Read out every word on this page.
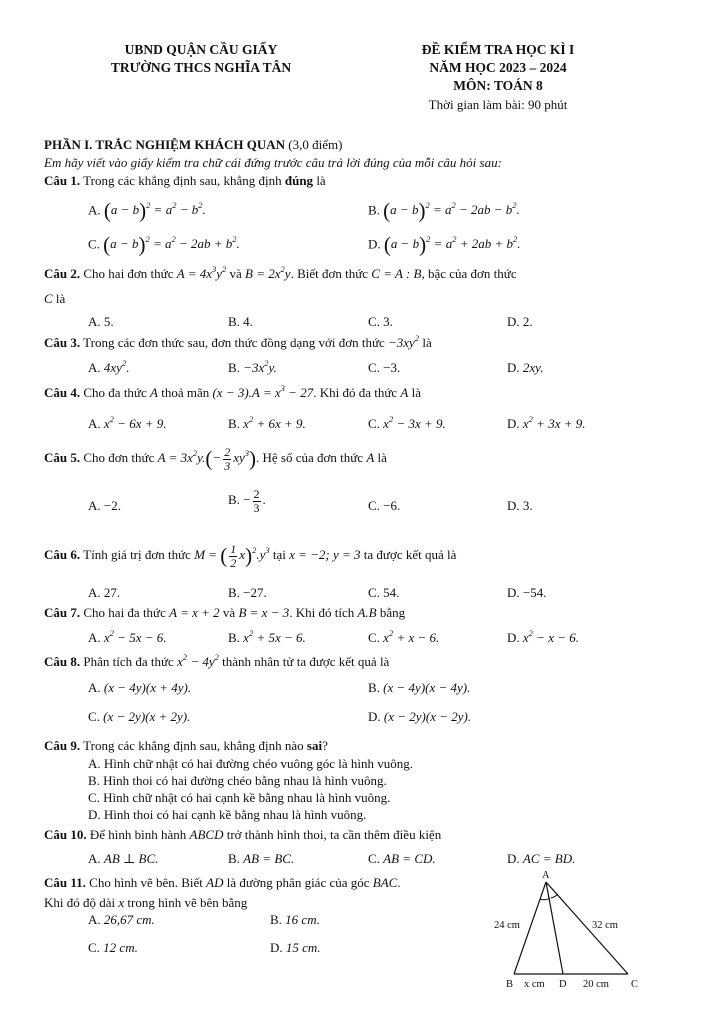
UBND QUẬN CẦU GIẤY
TRƯỜNG THCS NGHĨA TÂN
ĐỀ KIỂM TRA HỌC KÌ I
NĂM HỌC 2023 – 2024
MÔN: TOÁN 8
Thời gian làm bài: 90 phút
PHẦN I. TRẮC NGHIỆM KHÁCH QUAN (3,0 điểm)
Em hãy viết vào giấy kiểm tra chữ cái đứng trước câu trả lời đúng của mỗi câu hỏi sau:
Câu 1. Trong các khẳng định sau, khẳng định đúng là
A. $(a - b)^2 = a^2 - b^2$.	B. $(a - b)^2 = a^2 - 2ab - b^2$.
C. $(a - b)^2 = a^2 - 2ab + b^2$.	D. $(a - b)^2 = a^2 + 2ab + b^2$.
Câu 2. Cho hai đơn thức $A = 4x^3y^2$ và $B = 2x^2y$. Biết đơn thức C = A : B, bậc của đơn thức
C là
A. 5.	B. 4.	C. 3.	D. 2.
Câu 3. Trong các đơn thức sau, đơn thức đồng dạng với đơn thức $-3xy^2$ là
A. $4xy^2$.	B. $-3x^2y$.	C. −3.	D. 2xy.
Câu 4. Cho đa thức A thoả mãn $(x - 3).A = x^3 - 27$. Khi đó đa thức A là
A. $x^2 - 6x + 9$.	B. $x^2 + 6x + 9$.	C. $x^2 - 3x + 9$.	D. $x^2 + 3x + 9$.
Câu 5. Cho đơn thức $A = 3x^2y.(- \frac{2}{3} xy^3)$. Hệ số của đơn thức A là
A. −2.	B. − $\frac{2}{3}$ .	C. −6.	D. 3.
Câu 6. Tính giá trị đơn thức M = ( $\frac{1}{2} x)^2.y^3$ tại x = −2; y = 3 ta được kết quả là
A. 27.	B. −27.	C. 54.	D. −54.
Câu 7. Cho hai đa thức A = x + 2 và B = x − 3. Khi đó tích A.B bằng
A. $x^2 - 5x - 6$.	B. $x^2 + 5x - 6$.	C. $x^2 + x - 6$.	D. $x^2 - x - 6$.
Câu 8. Phân tích đa thức $x^2 - 4y^2$ thành nhân tử ta được kết quả là
A. (x − 4y)(x + 4y).	B. (x − 4y)(x − 4y).
C. (x − 2y)(x + 2y).	D. (x − 2y)(x − 2y).
Câu 9. Trong các khẳng định sau, khẳng định nào sai?
A. Hình chữ nhật có hai đường chéo vuông góc là hình vuông.
B. Hình thoi có hai đường chéo bằng nhau là hình vuông.
C. Hình chữ nhật có hai cạnh kề bằng nhau là hình vuông.
D. Hình thoi có hai cạnh kề bằng nhau là hình vuông.
Câu 10. Để hình bình hành ABCD trở thành hình thoi, ta cần thêm điều kiện
A. AB ⊥ BC.	B. AB = BC.	C. AB = CD.	D. AC = BD.
Câu 11. Cho hình vẽ bên. Biết AD là đường phân giác của góc BAC.
Khi đó độ dài x trong hình vẽ bên bằng
A. 26,67 cm.	B. 16 cm.
C. 12 cm.	D. 15 cm.
A
B	D	C
24 cm	32 cm
x cm	20 cm
